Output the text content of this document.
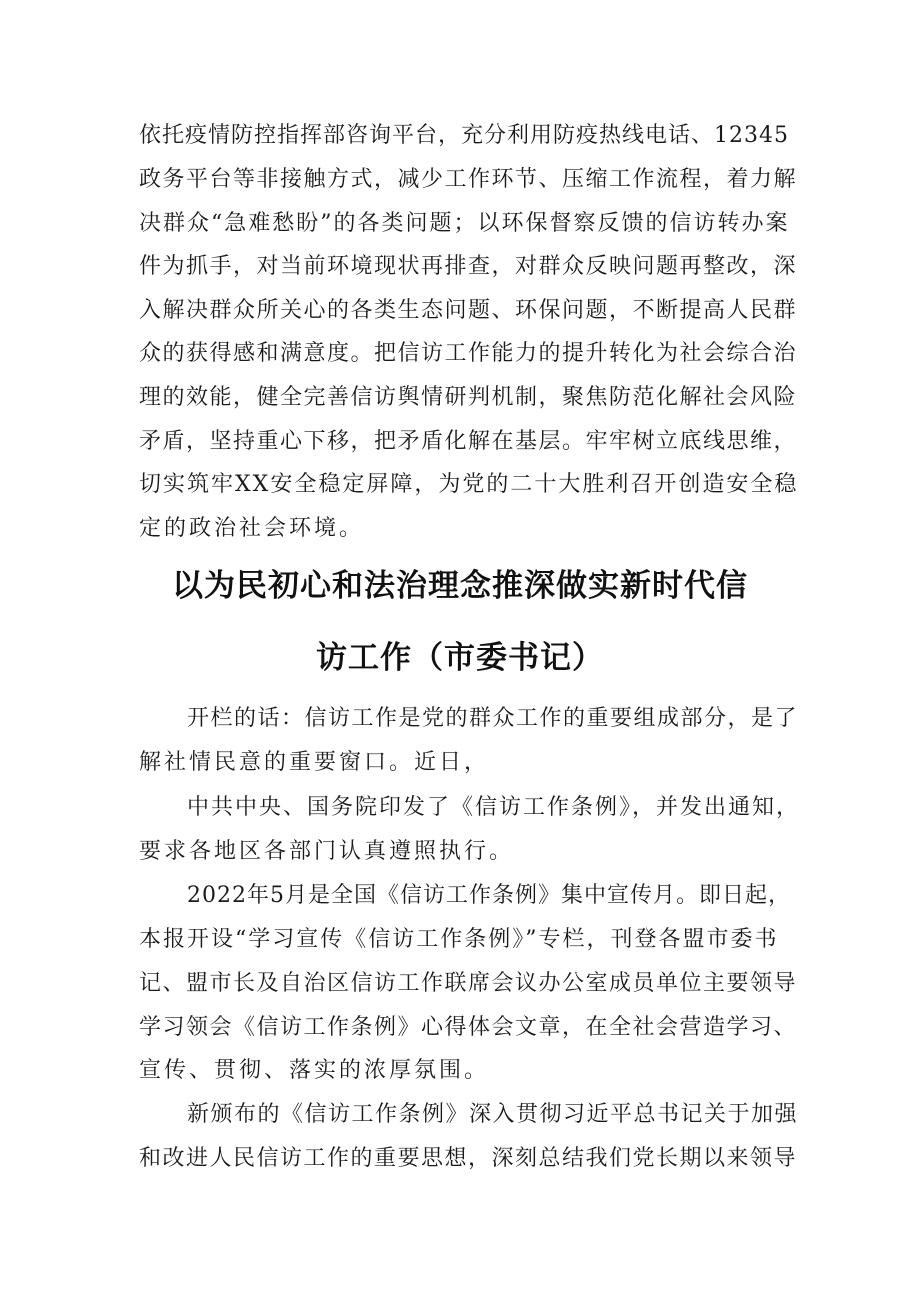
依托疫情防控指挥部咨询平台，充分利用防疫热线电话、12345
政务平台等非接触方式，减少工作环节、压缩工作流程，着力解
决群众“急难愁盼”的各类问题；以环保督察反馈的信访转办案
件为抓手，对当前环境现状再排查，对群众反映问题再整改，深
入解决群众所关心的各类生态问题、环保问题，不断提高人民群
众的获得感和满意度。把信访工作能力的提升转化为社会综合治
理的效能，健全完善信访舆情研判机制，聚焦防范化解社会风险
矛盾，坚持重心下移，把矛盾化解在基层。牢牢树立底线思维，
切实筑牢XX安全稳定屏障，为党的二十大胜利召开创造安全稳
定的政治社会环境。
以为民初心和法治理念推深做实新时代信
访工作（市委书记）
开栏的话：信访工作是党的群众工作的重要组成部分，是了
解社情民意的重要窗口。近日，
中共中央、国务院印发了《信访工作条例》，并发出通知，
要求各地区各部门认真遵照执行。
2022年5月是全国《信访工作条例》集中宣传月。即日起，
本报开设“学习宣传《信访工作条例》”专栏，刊登各盟市委书
记、盟市长及自治区信访工作联席会议办公室成员单位主要领导
学习领会《信访工作条例》心得体会文章，在全社会营造学习、
宣传、贯彻、落实的浓厚氛围。
新颁布的《信访工作条例》深入贯彻习近平总书记关于加强
和改进人民信访工作的重要思想，深刻总结我们党长期以来领导
